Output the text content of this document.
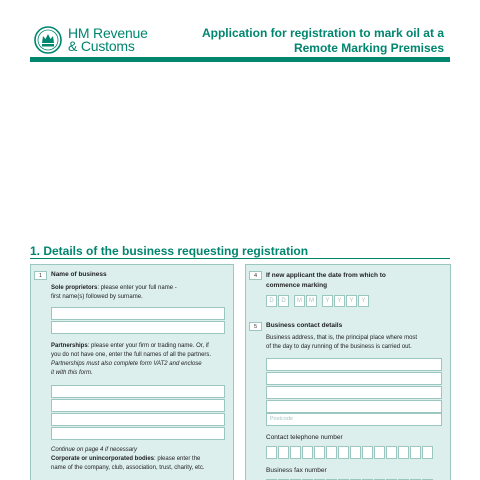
HM Revenue
& Customs
Application for registration to mark oil at a
Remote Marking Premises
1. Details of the business requesting registration
1	Name of business
Sole proprietors: please enter your full name -
first name(s) followed by surname.
Partnerships: please enter your firm or trading name. Or, if
you do not have one, enter the full names of all the partners.
Partnerships must also complete form VAT2 and enclose
it with this form.
Continue on page 4 if necessary
Corporate or unincorporated bodies: please enter the
name of the company, club, association, trust, charity, etc.
4	If new applicant the date from which to
commence marking
D	D	M	M	Y	Y	Y	Y
5	Business contact details
Business address, that is, the principal place where most
of the day to day running of the business is carried out.
Postcode
Contact telephone number
Business fax number
